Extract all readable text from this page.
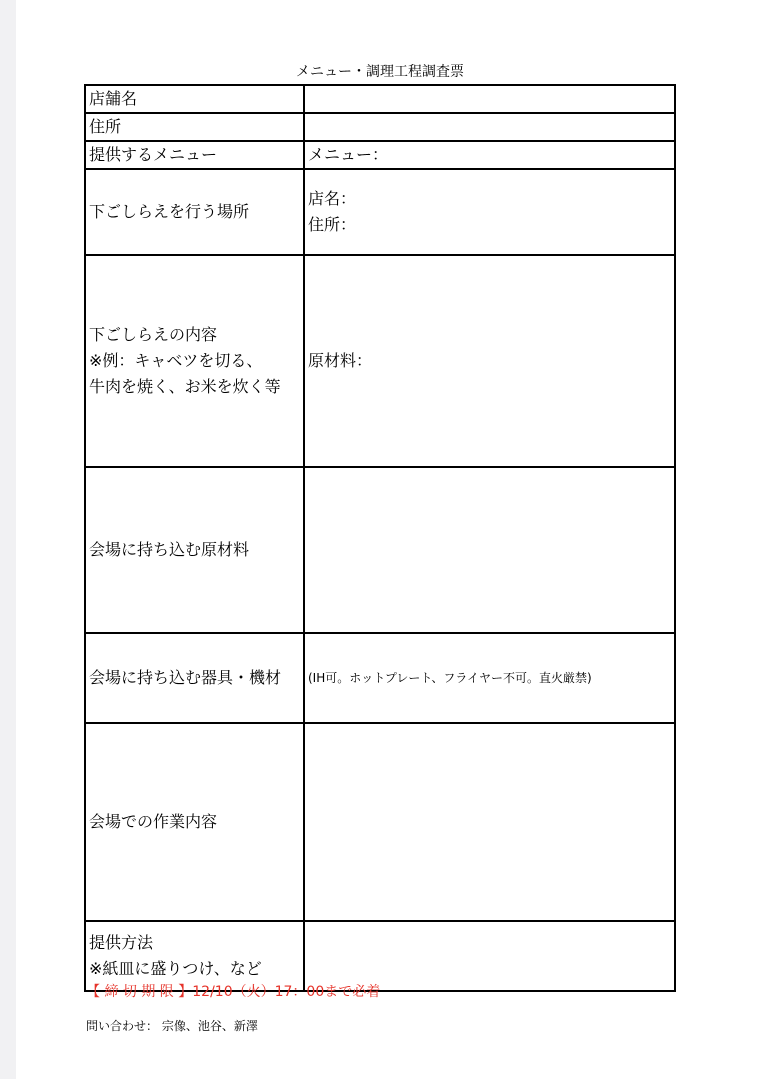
メニュー・調理工程調査票
店舗名	
住所	
提供するメニュー	メニュー：
下ごしらえを行う場所	店名：
住所：

下ごしらえの内容
※例：キャベツを切る、
牛肉を焼く、お米を炊く等	原材料：

会場に持ち込む原材料	
会場に持ち込む器具・機材	(IH可。ホットプレート、フライヤー不可。直火厳禁)

会場での作業内容	

提供方法
※紙皿に盛りつけ、など	

【 締 切 期 限 】12/10（火）17：00まで必着
問い合わせ： 宗像、池谷、新澤
